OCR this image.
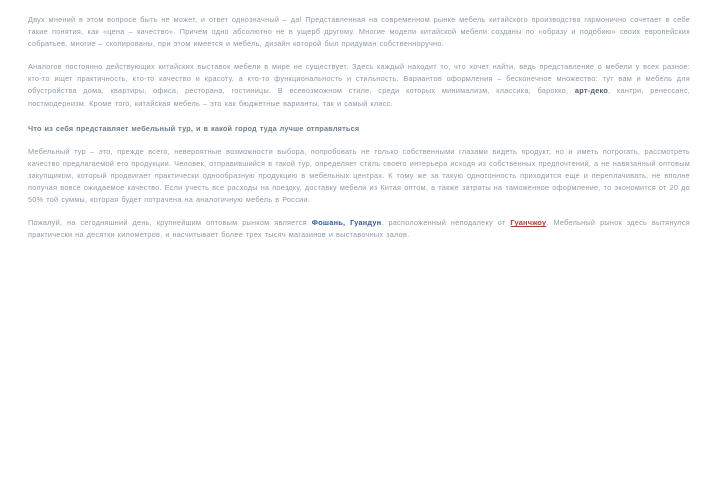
Двух мнений в этом вопросе быть не может, и ответ однозначный – да! Представленная на современном рынке мебель китайского производства гармонично сочетает в себе такие понятия, как «цена – качество». Причем одно абсолютно не в ущерб другому. Многие модели китайской мебели созданы по «образу и подобию» своих европейских собратьев, многие – скопированы, при этом имеется и мебель, дизайн которой был придуман собственноручно.

Аналогов постоянно действующих китайских выставок мебели в мире не существует. Здесь каждый находит то, что хочет найти, ведь представление о мебели у всех разное: кто-то ищет практичность, кто-то качество и красоту, а кто-то функциональность и стильность. Вариантов оформления – бесконечное множество: тут вам и мебель для обустройства дома, квартиры, офиса, ресторана, гостиницы. В всевозможном стиле, среди которых минимализм, классика, барокко, арт-деко, кантри, ренессанс, постмодернизм. Кроме того, китайская мебель – это как бюджетные варианты, так и самый класс.

Что из себя представляет мебельный тур, и в какой город туда лучше отправляться

Мебельный тур – это, прежде всего, невероятные возможности выбора, попробовать не только собственными глазами видеть продукт, но и иметь потрогать, рассмотреть качество предлагаемой его продукции. Человек, отправившийся в такой тур, определяет стиль своего интерьера исходя из собственных предпочтений, а не навязанный оптовым закупщиком, который продвигает практически однообразную продукцию в мебельных центрах. К тому же за такую однотонность приходится еще и переплачивать, не вполне получая вовсе ожидаемое качество. Если учесть все расходы на поездку, доставку мебели из Китая оптом, а также затраты на таможенное оформление, то экономится от 20 до 50% той суммы, которая будет потрачена на аналогичную мебель в России.

Пожалуй, на сегодняшний день, крупнейшим оптовым рынком является Фошань, Гуандун, расположенный неподалеку от Гуанчжоу. Мебельный рынок здесь вытянулся практически на десятки километров, и насчитывает более трех тысяч магазинов и выставочных залов.
